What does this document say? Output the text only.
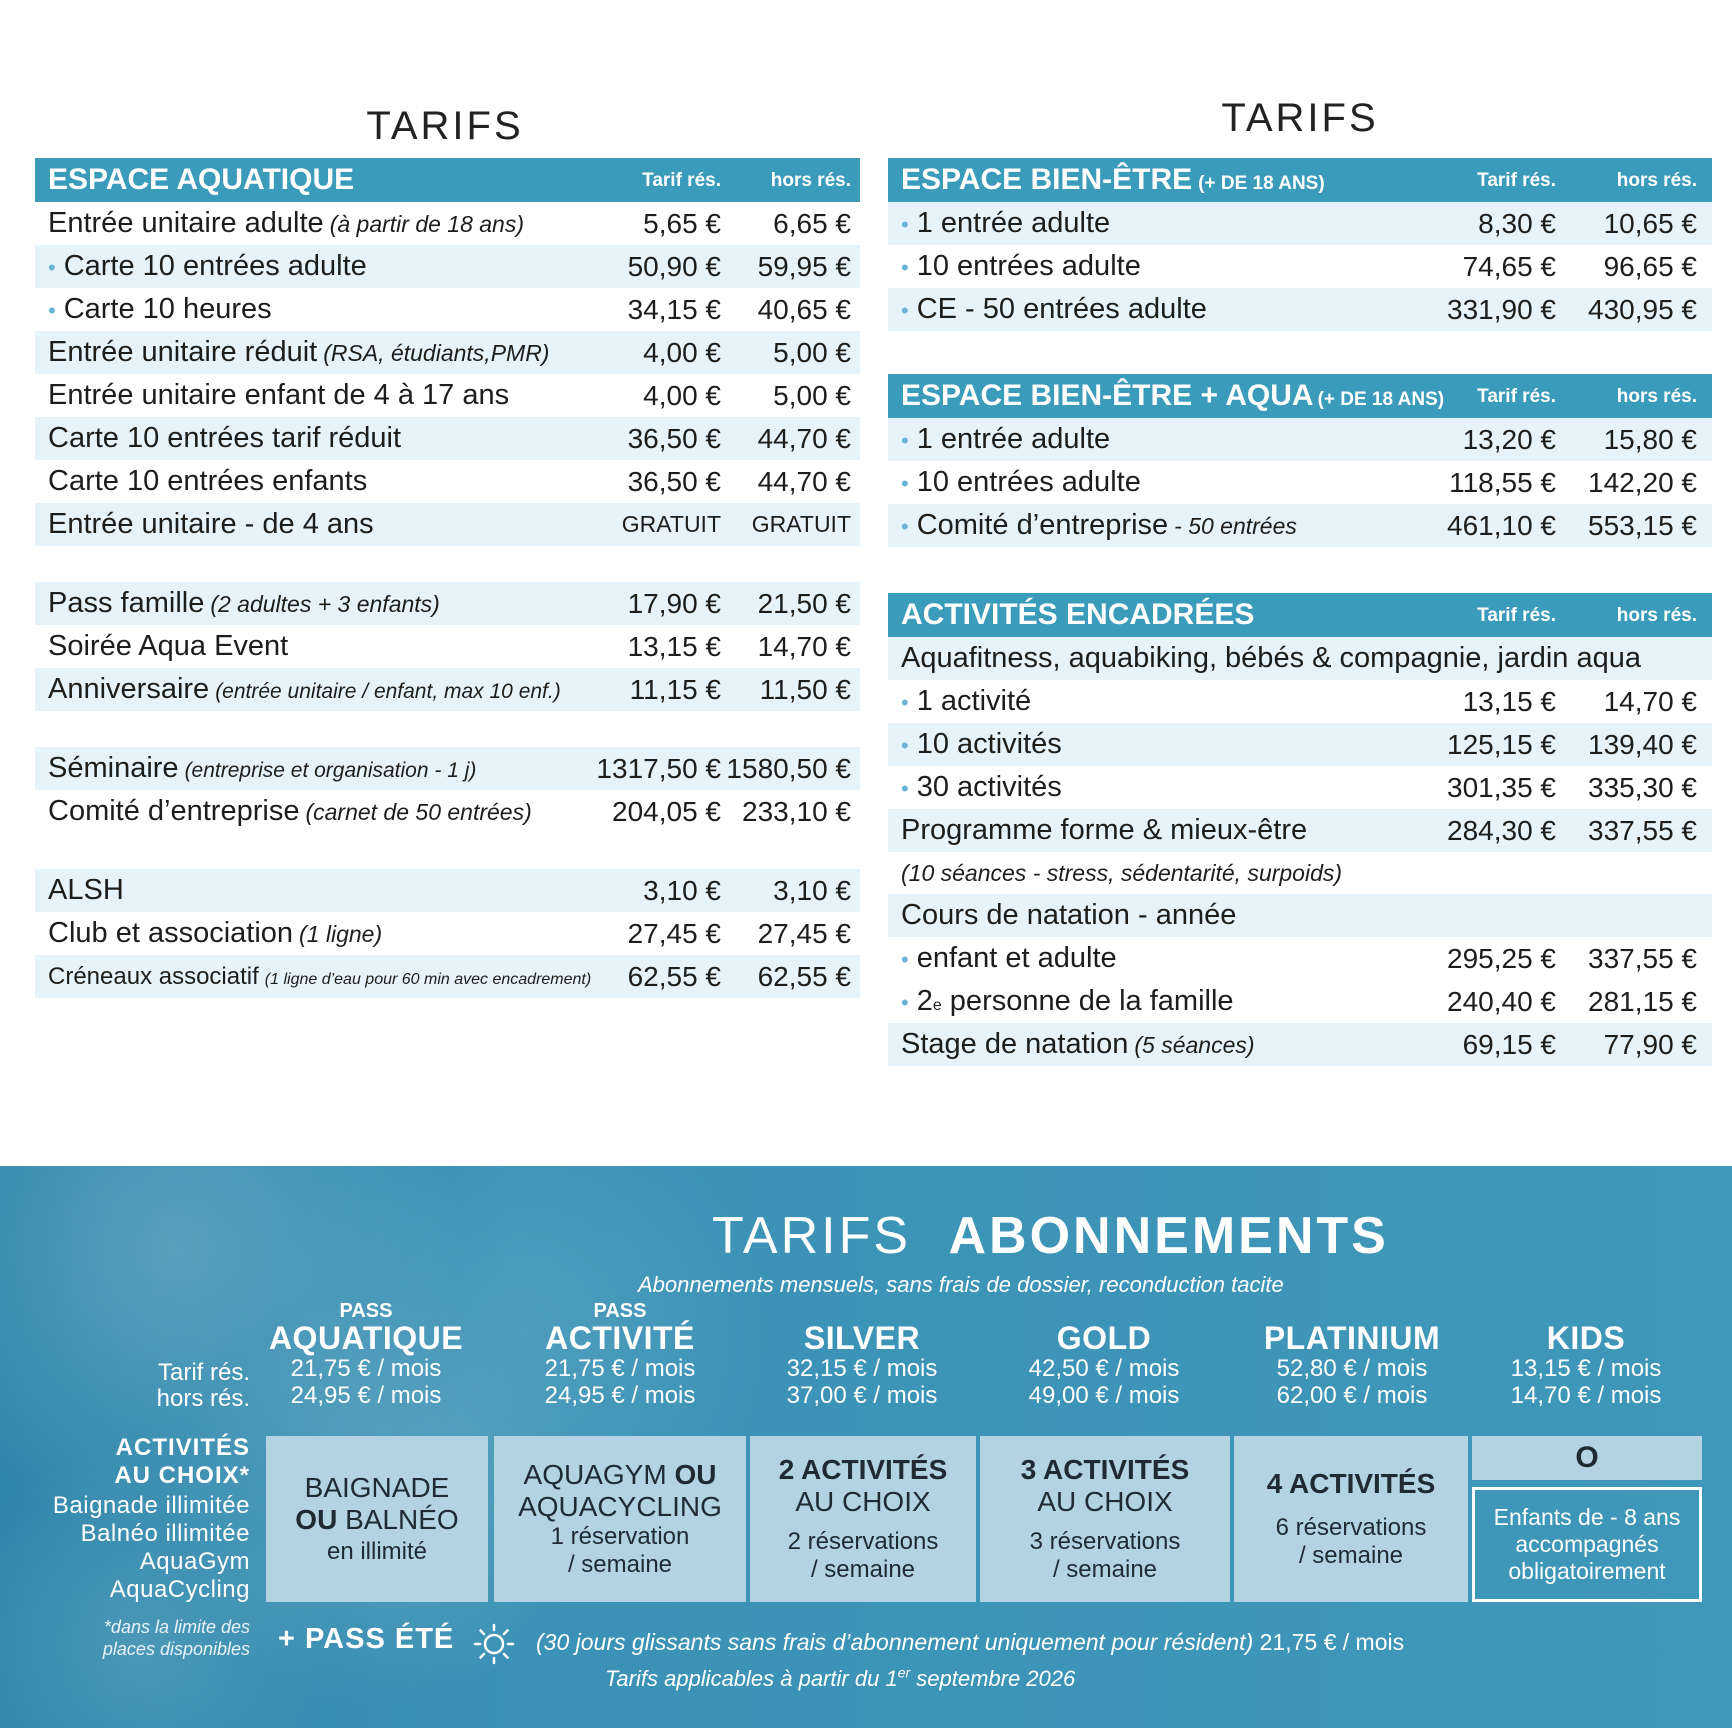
TARIFS
ESPACE AQUATIQUE	Tarif rés.	hors rés.
Entrée unitaire adulte (à partir de 18 ans)	5,65 € 6,65 €
• Carte 10 entrées adulte	50,90 € 59,95 €
• Carte 10 heures	34,15 € 40,65 €
Entrée unitaire réduit (RSA, étudiants,PMR)	4,00 € 5,00 €
Entrée unitaire enfant de 4 à 17 ans	4,00 € 5,00 €
Carte 10 entrées tarif réduit	36,50 € 44,70 €
Carte 10 entrées enfants	36,50 € 44,70 €
Entrée unitaire - de 4 ans	GRATUIT GRATUIT
Pass famille (2 adultes + 3 enfants)	17,90 € 21,50 €
Soirée Aqua Event	13,15 € 14,70 €
Anniversaire (entrée unitaire / enfant, max 10 enf.) 11,15 € 11,50 €
Séminaire (entreprise et organisation - 1 j)	1317,50 € 1580,50 €
Comité d’entreprise (carnet de 50 entrées)	204,05 € 233,10 €
ALSH	3,10 € 3,10 €
Club et association (1 ligne)	27,45 € 27,45 €
Créneaux associatif (1 ligne d’eau pour 60 min avec encadrement) 62,55 € 62,55 €
TARIFS
ESPACE BIEN-ÊTRE (+ DE 18 ANS)	Tarif rés.	hors rés.
• 1 entrée adulte	8,30 € 10,65 €
• 10 entrées adulte	74,65 € 96,65 €
• CE - 50 entrées adulte	331,90 € 430,95 €
ESPACE BIEN-ÊTRE + AQUA (+ DE 18 ANS) Tarif rés.	hors rés.
• 1 entrée adulte	13,20 € 15,80 €
• 10 entrées adulte	118,55 € 142,20 €
• Comité d’entreprise - 50 entrées	461,10 € 553,15 €
ACTIVITÉS ENCADRÉES	Tarif rés.	hors rés.
Aquafitness, aquabiking, bébés & compagnie, jardin aqua
• 1 activité	13,15 € 14,70 €
• 10 activités	125,15 € 139,40 €
• 30 activités	301,35 € 335,30 €
Programme forme & mieux-être	284,30 € 337,55 €
(10 séances - stress, sédentarité, surpoids)
Cours de natation - année
• enfant et adulte	295,25 € 337,55 €
• 2 e personne de la famille	240,40 € 281,15 €
Stage de natation (5 séances)	69,15 € 77,90 €
TARIFS ABONNEMENTS
Abonnements mensuels, sans frais de dossier, reconduction tacite
Tarif rés.
hors rés.
PASS
AQUATIQUE
21,75 € / mois
24,95 € / mois
PASS
ACTIVITÉ
21,75 € / mois
24,95 € / mois
SILVER
32,15 € / mois
37,00 € / mois
GOLD
42,50 € / mois
49,00 € / mois
PLATINIUM
52,80 € / mois
62,00 € / mois
KIDS
13,15 € / mois
14,70 € / mois
ACTIVITÉS
AU CHOIX*
Baignade illimitée
Balnéo illimitée
AquaGym
AquaCycling
*dans la limite des
places disponibles
BAIGNADE
OU BALNÉO
en illimité
AQUAGYM OU
AQUACYCLING
1 réservation
/ semaine
2 ACTIVITÉS
AU CHOIX
2 réservations
/ semaine
3 ACTIVITÉS
AU CHOIX
3 réservations
/ semaine
4 ACTIVITÉS
6 réservations
/ semaine
O
Enfants de - 8 ans
accompagnés
obligatoirement
+ PASS ÉTÉ	(30 jours glissants sans frais d’abonnement uniquement pour résident) 21,75 € / mois
Tarifs applicables à partir du 1er septembre 2026
